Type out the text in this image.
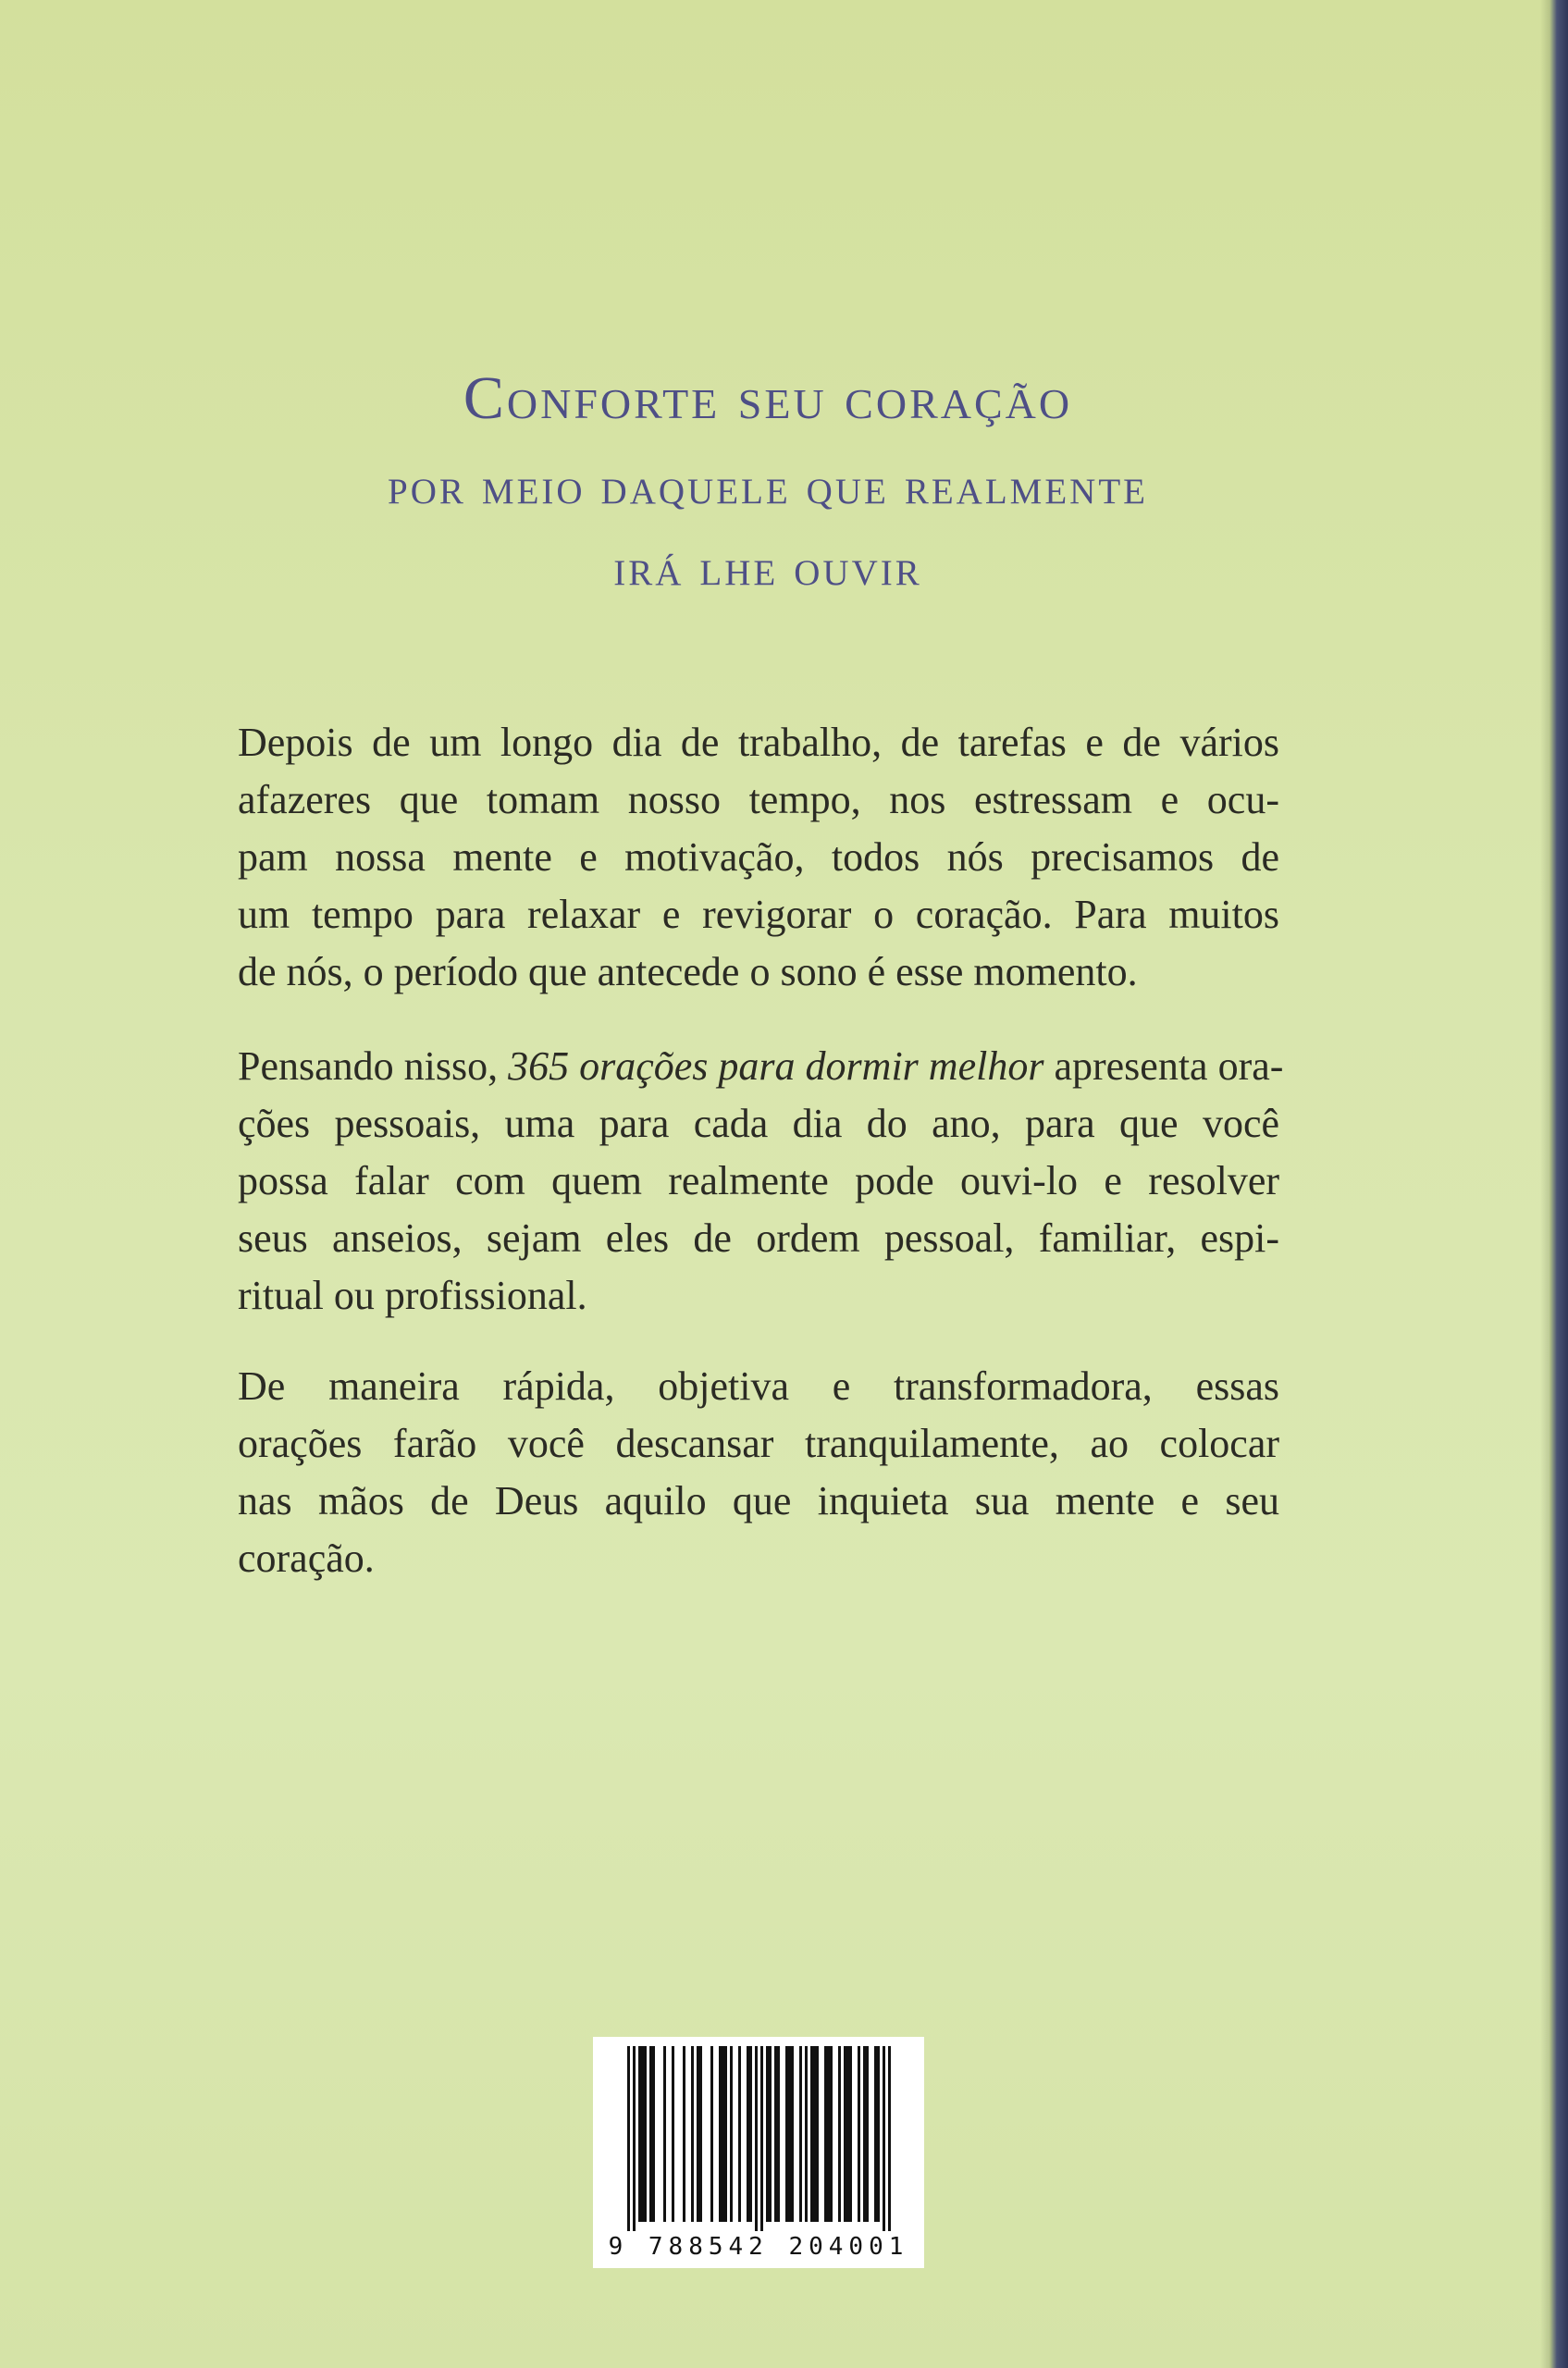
Conforte seu coração
por meio daquele que realmente
irá lhe ouvir

Depois de um longo dia de trabalho, de tarefas e de vários
afazeres que tomam nosso tempo, nos estressam e ocu-
pam nossa mente e motivação, todos nós precisamos de
um tempo para relaxar e revigorar o coração. Para muitos
de nós, o período que antecede o sono é esse momento.

Pensando nisso, 365 orações para dormir melhor apresenta ora-
ções pessoais, uma para cada dia do ano, para que você
possa falar com quem realmente pode ouvi-lo e resolver
seus anseios, sejam eles de ordem pessoal, familiar, espi-
ritual ou profissional.

De maneira rápida, objetiva e transformadora, essas
orações farão você descansar tranquilamente, ao colocar
nas mãos de Deus aquilo que inquieta sua mente e seu
coração.

9 788542 204001
